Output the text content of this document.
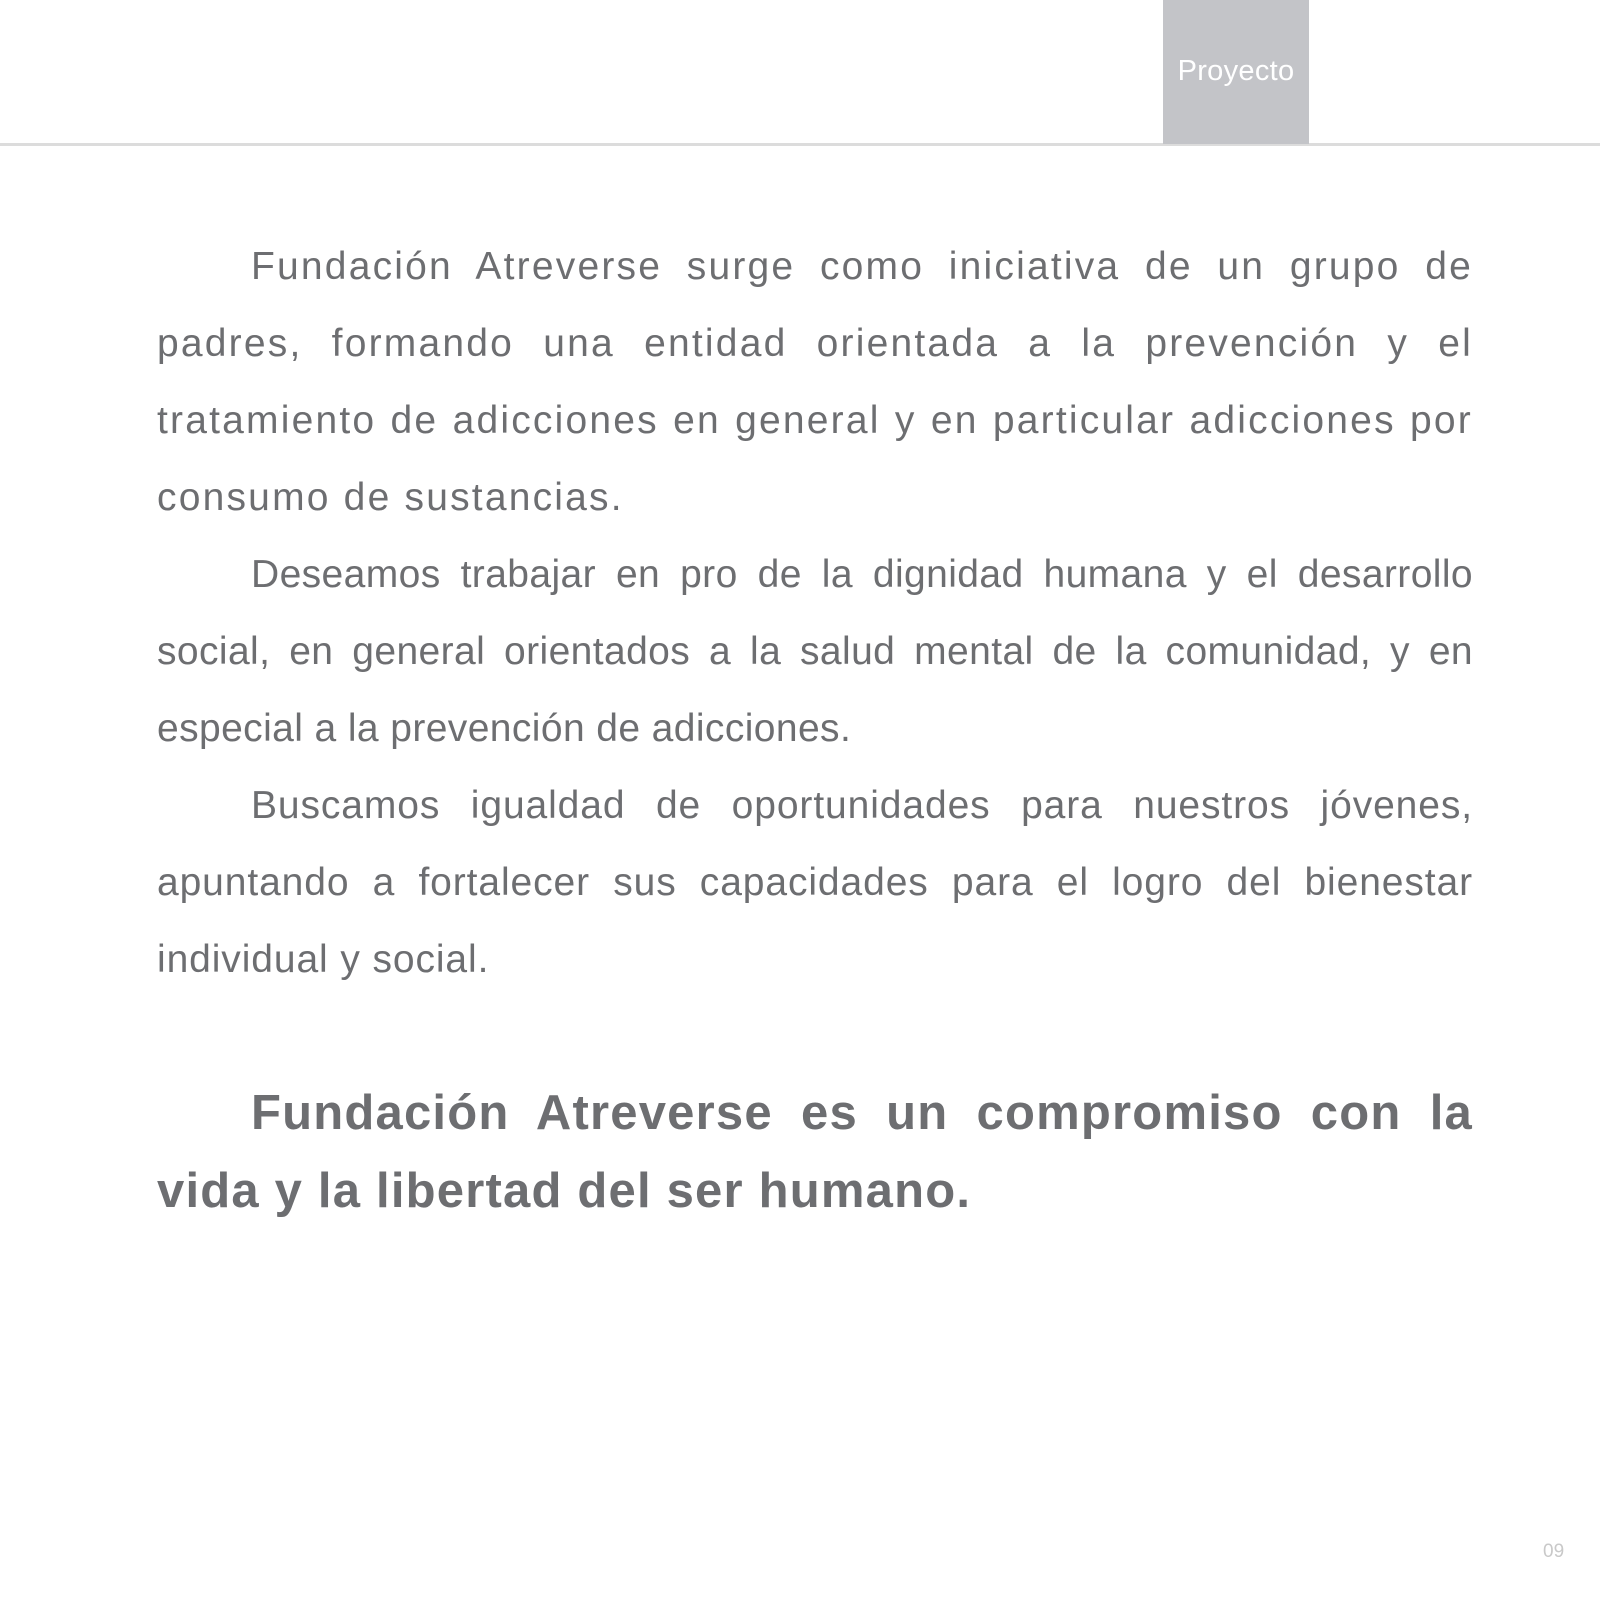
Proyecto

Fundación Atreverse surge como iniciativa de un grupo de padres, formando una entidad orientada a la prevención y el tratamiento de adicciones en general y en particular adicciones por consumo de sustancias.

Deseamos trabajar en pro de la dignidad humana y el desarrollo social, en general orientados a la salud mental de la comunidad, y en especial a la prevención de adicciones.

Buscamos igualdad de oportunidades para nuestros jóvenes, apuntando a fortalecer sus capacidades para el logro del bienestar individual y social.

Fundación Atreverse es un compromiso con la vida y la libertad del ser humano.

09
